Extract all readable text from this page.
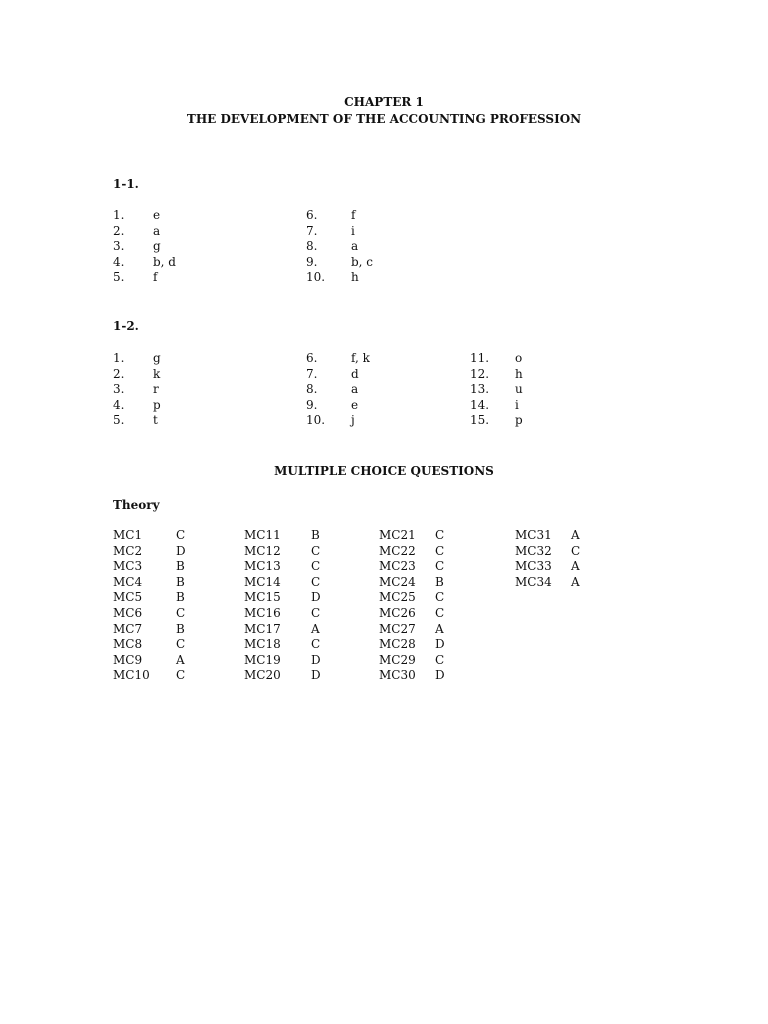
CHAPTER 1
THE DEVELOPMENT OF THE ACCOUNTING PROFESSION
1-1.
1. e
2. a
3. g
4. b, d
5. f
6.	f
7.	i
8.	a
9.	b, c
10. h
1-2.
1. g
2. k
3. r
4. p
5. t
6.	f, k
7.	d
8.	a
9.	e
10. j
11. o
12. h
13. u
14. i
15. p
MULTIPLE CHOICE QUESTIONS
Theory
MC1	C
MC2	D
MC3	B
MC4	B
MC5	B
MC6	C
MC7	B
MC8	C
MC9	A
MC10 C
MC11	B
MC12	C
MC13	C
MC14	C
MC15	D
MC16	C
MC17	A
MC18	C
MC19	D
MC20	D
MC21 C
MC22 C
MC23 C
MC24 B
MC25 C
MC26 C
MC27 A
MC28 D
MC29 C
MC30 D
MC31 A
MC32 C
MC33 A
MC34 A
